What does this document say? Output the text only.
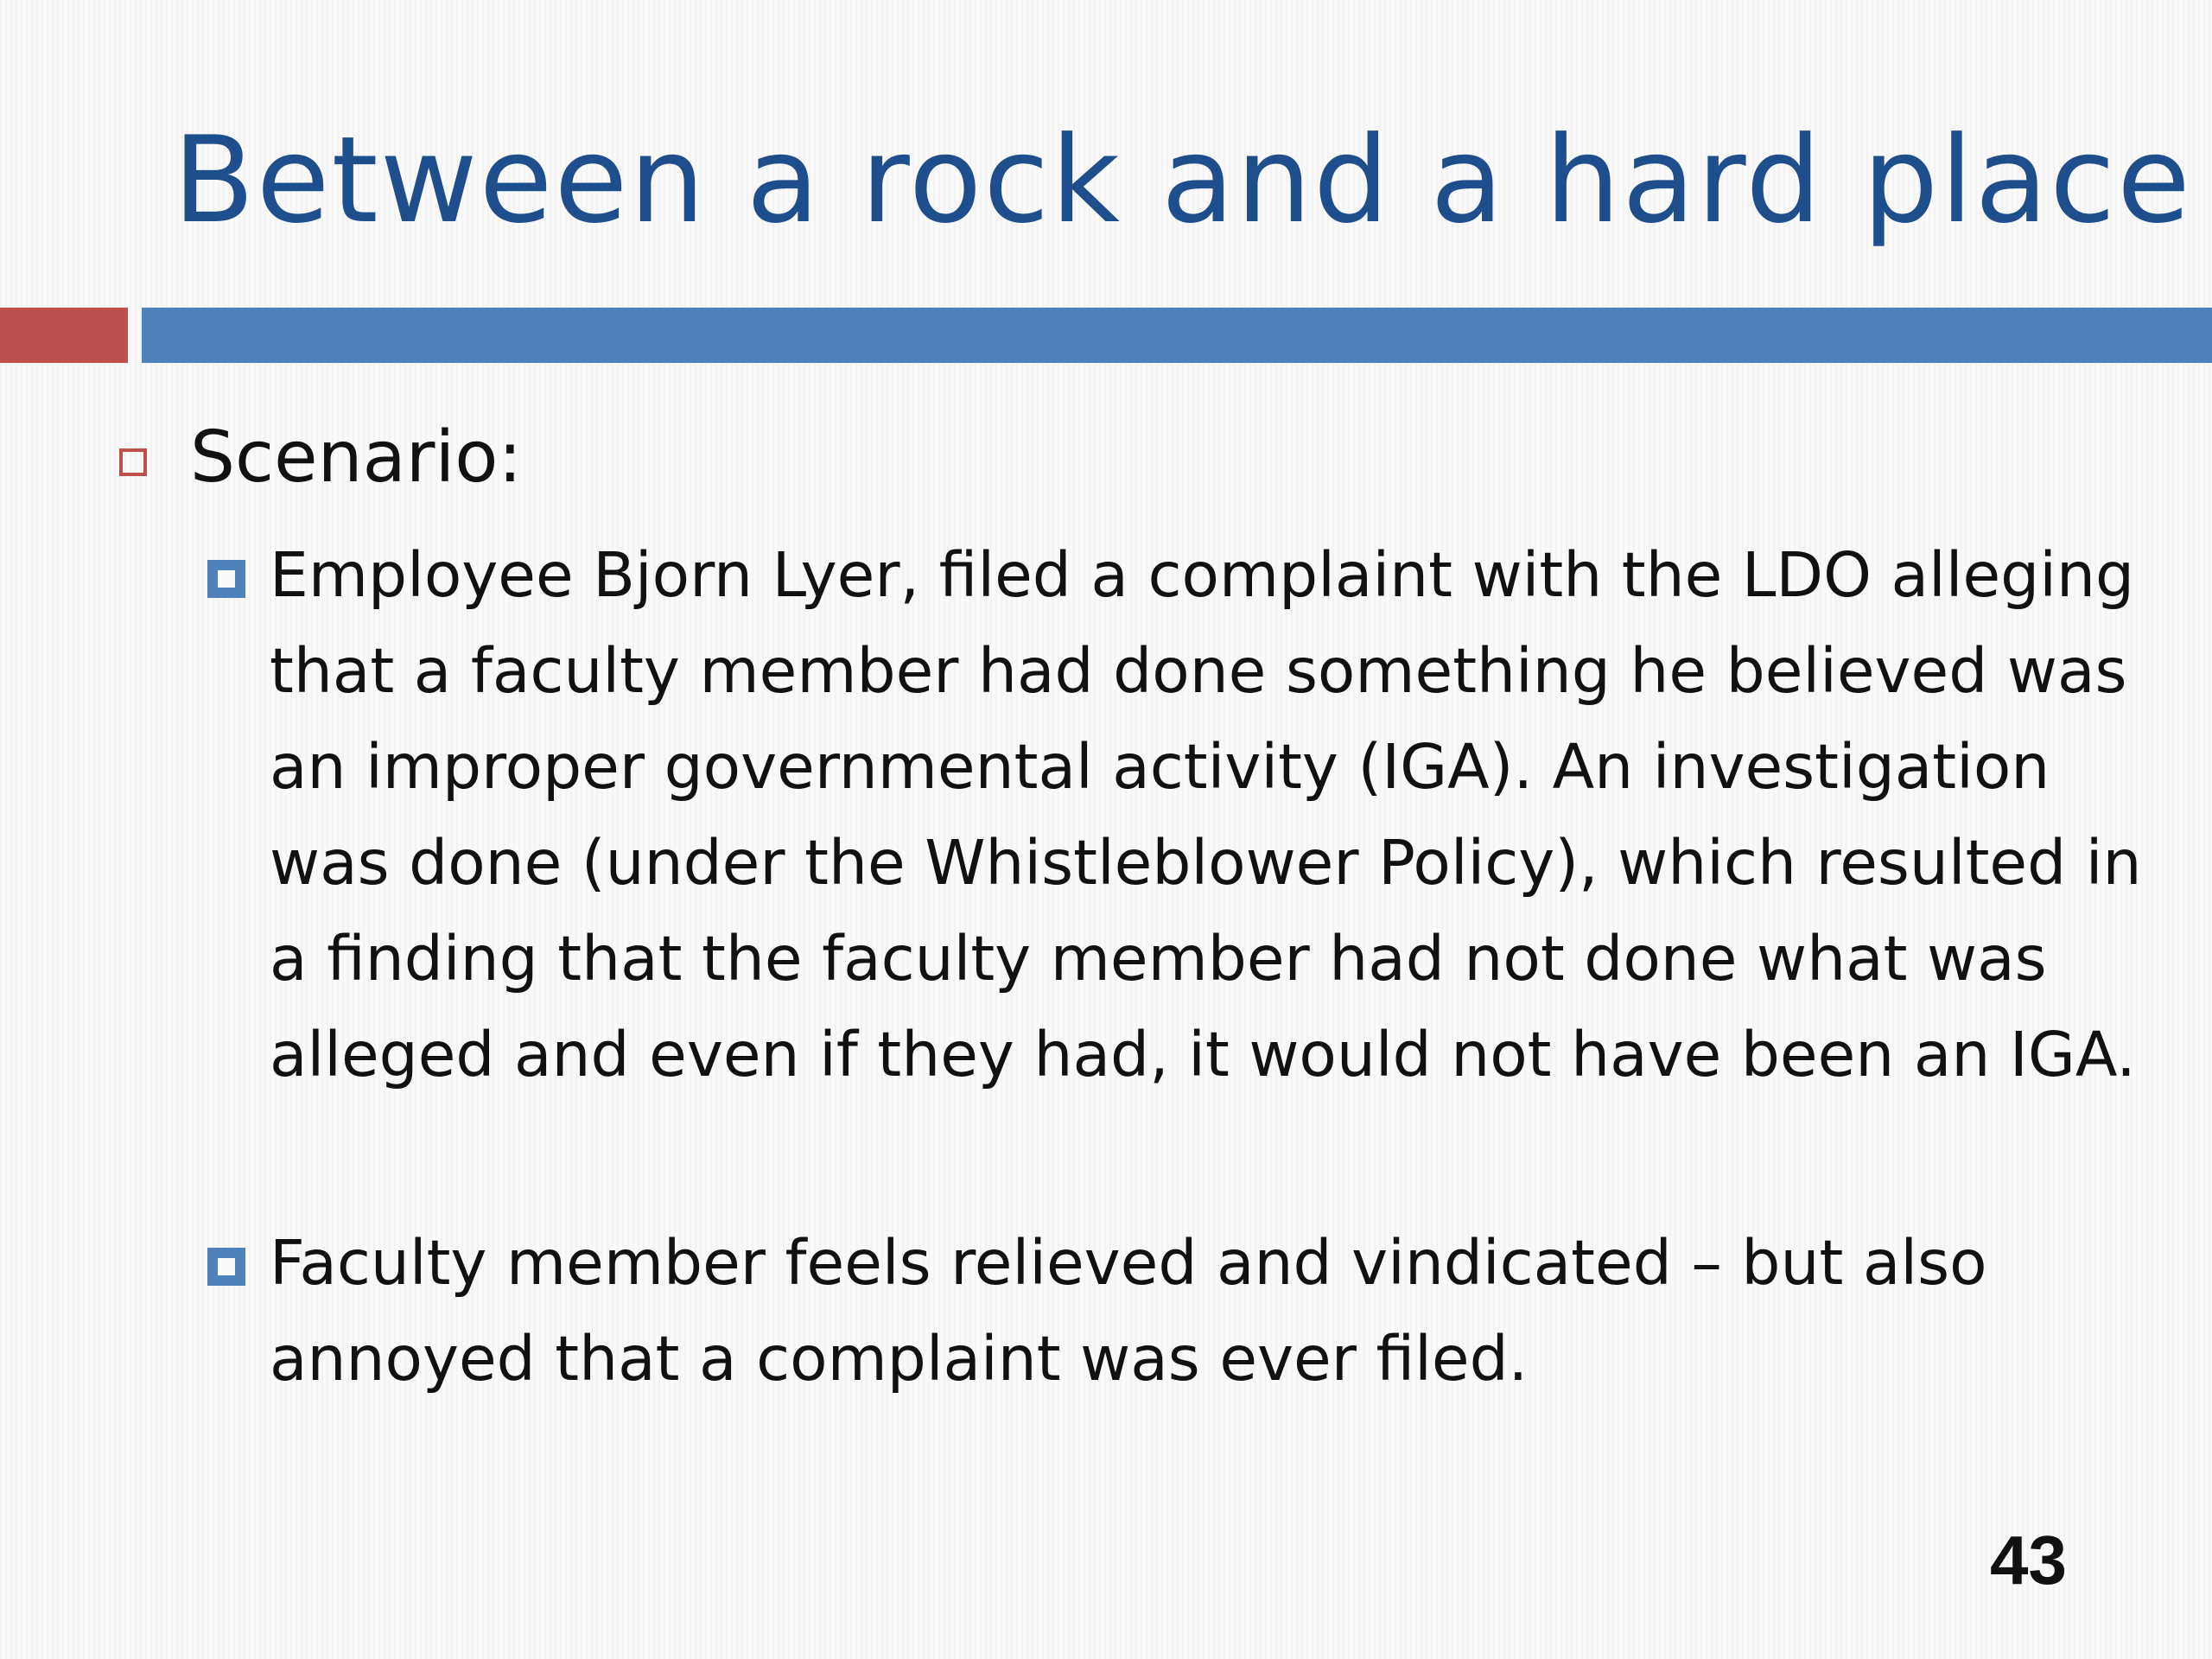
Between a rock and a hard place
Scenario:
Employee Bjorn Lyer, filed a complaint with the LDO alleging that a faculty member had done something he believed was an improper governmental activity (IGA). An investigation was done (under the Whistleblower Policy), which resulted in a finding that the faculty member had not done what was alleged and even if they had, it would not have been an IGA.
Faculty member feels relieved and vindicated – but also annoyed that a complaint was ever filed.
43
